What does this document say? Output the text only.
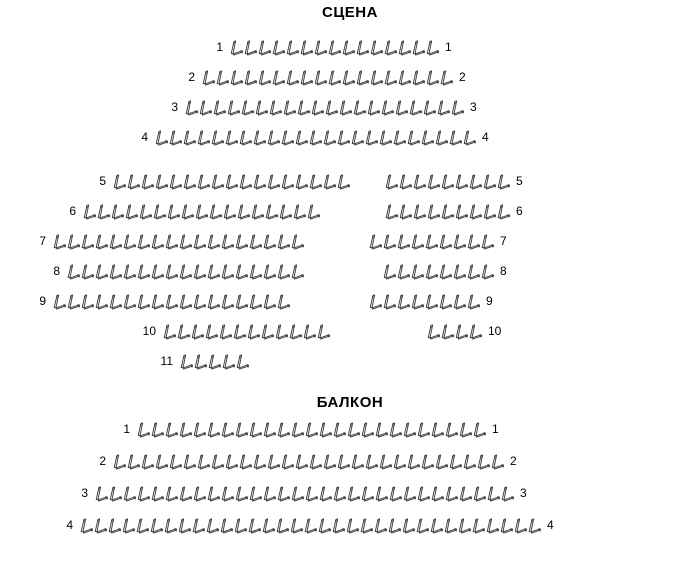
СЦЕНА
БАЛКОН
1	1
2	2
3	3
4	4
5	5
6	6
7	7
8	8
9	9
10	10
11
1	1
2	2
3	3
4	4
